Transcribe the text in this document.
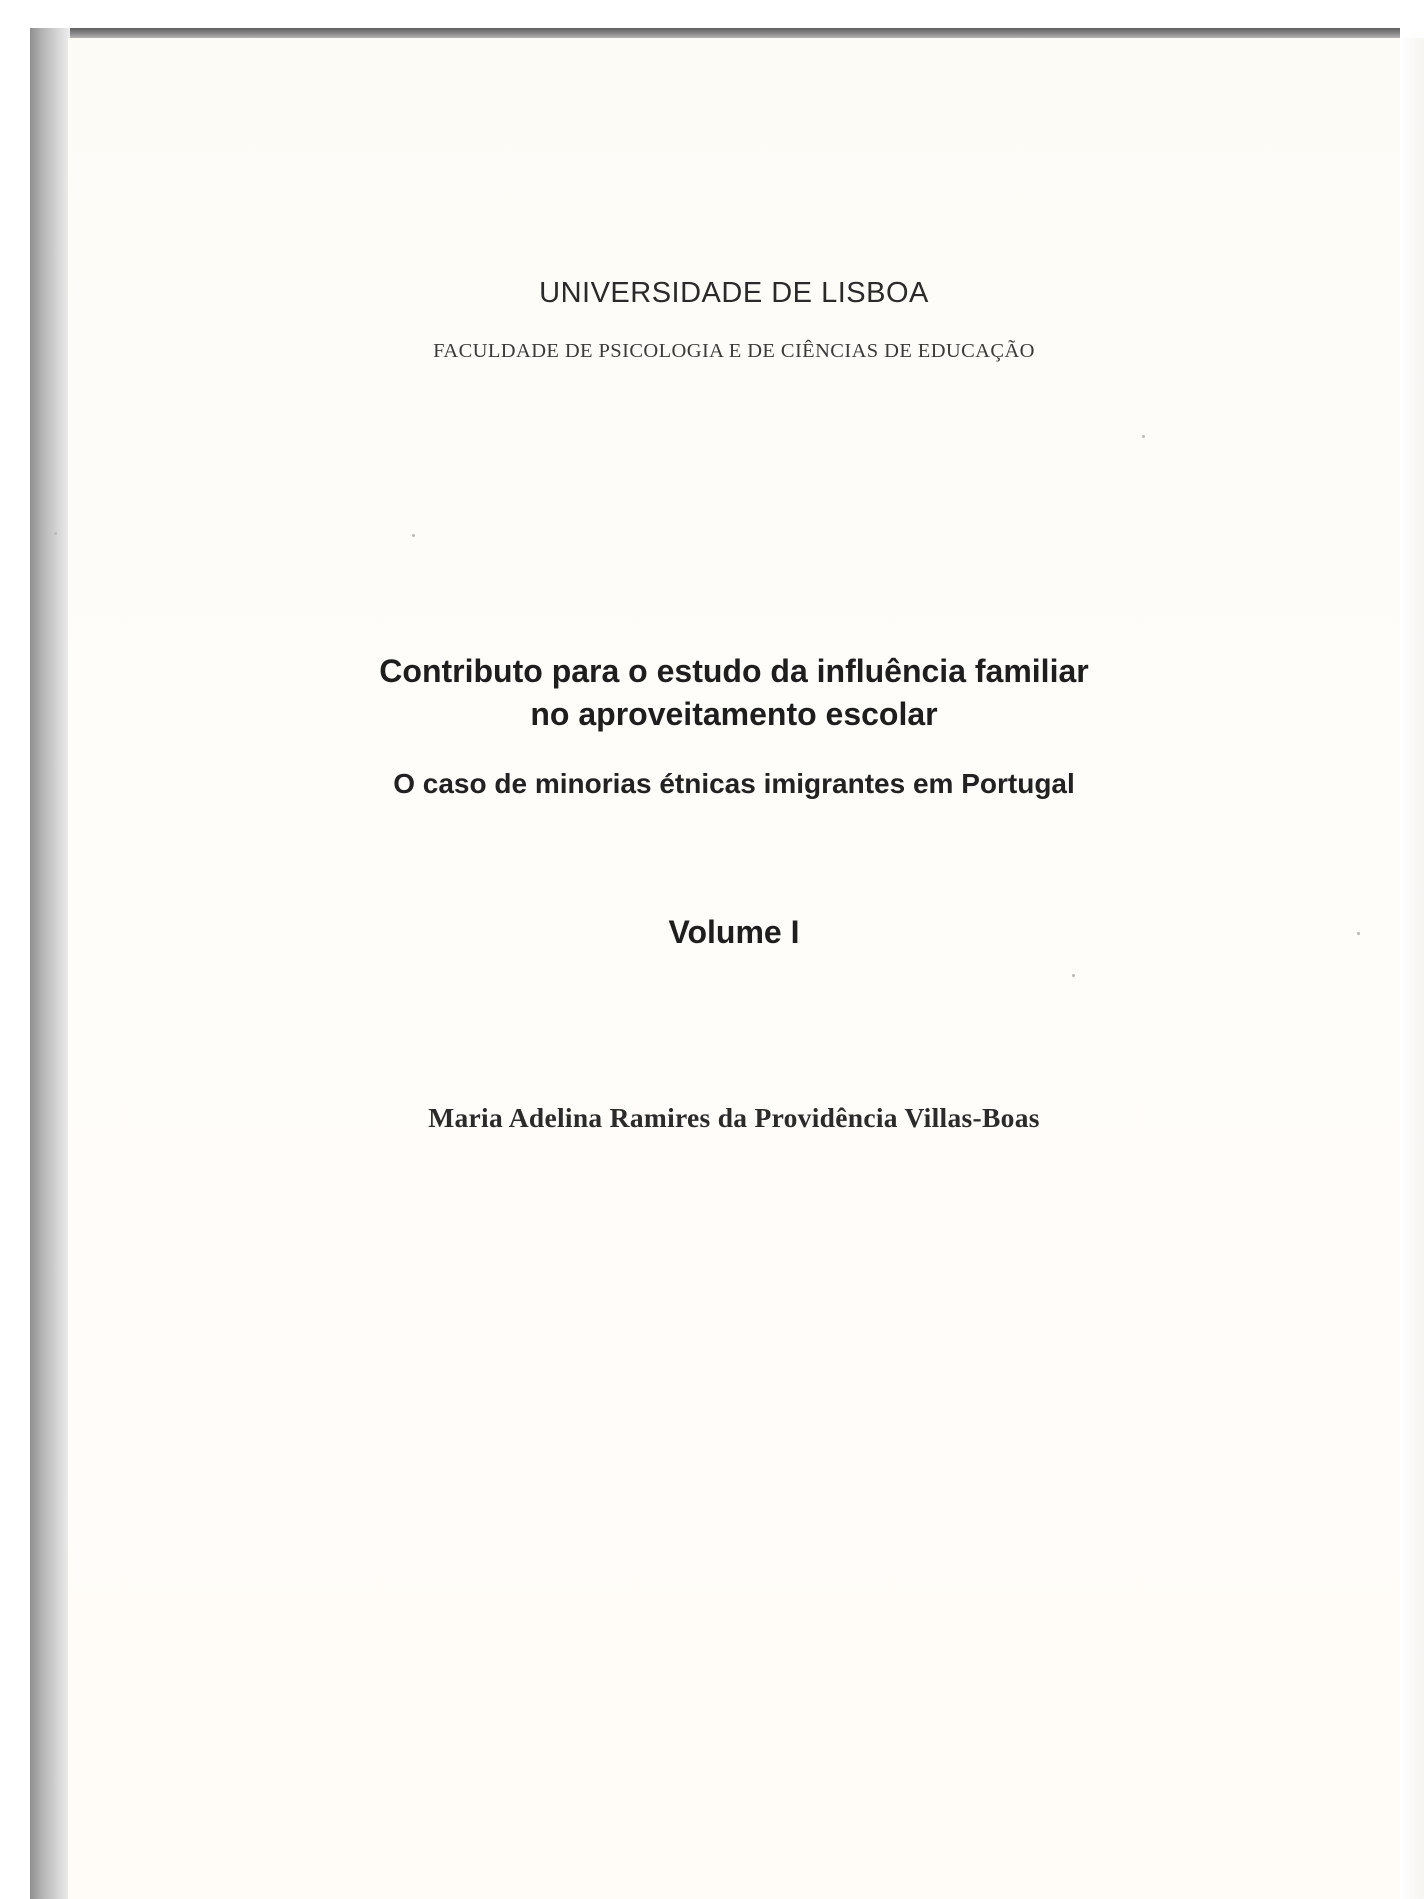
UNIVERSIDADE DE LISBOA
FACULDADE DE PSICOLOGIA E DE CIÊNCIAS DE EDUCAÇÃO
Contributo para o estudo da influência familiar
no aproveitamento escolar
O caso de minorias étnicas imigrantes em Portugal
Volume I
Maria Adelina Ramires da Providência Villas-Boas
